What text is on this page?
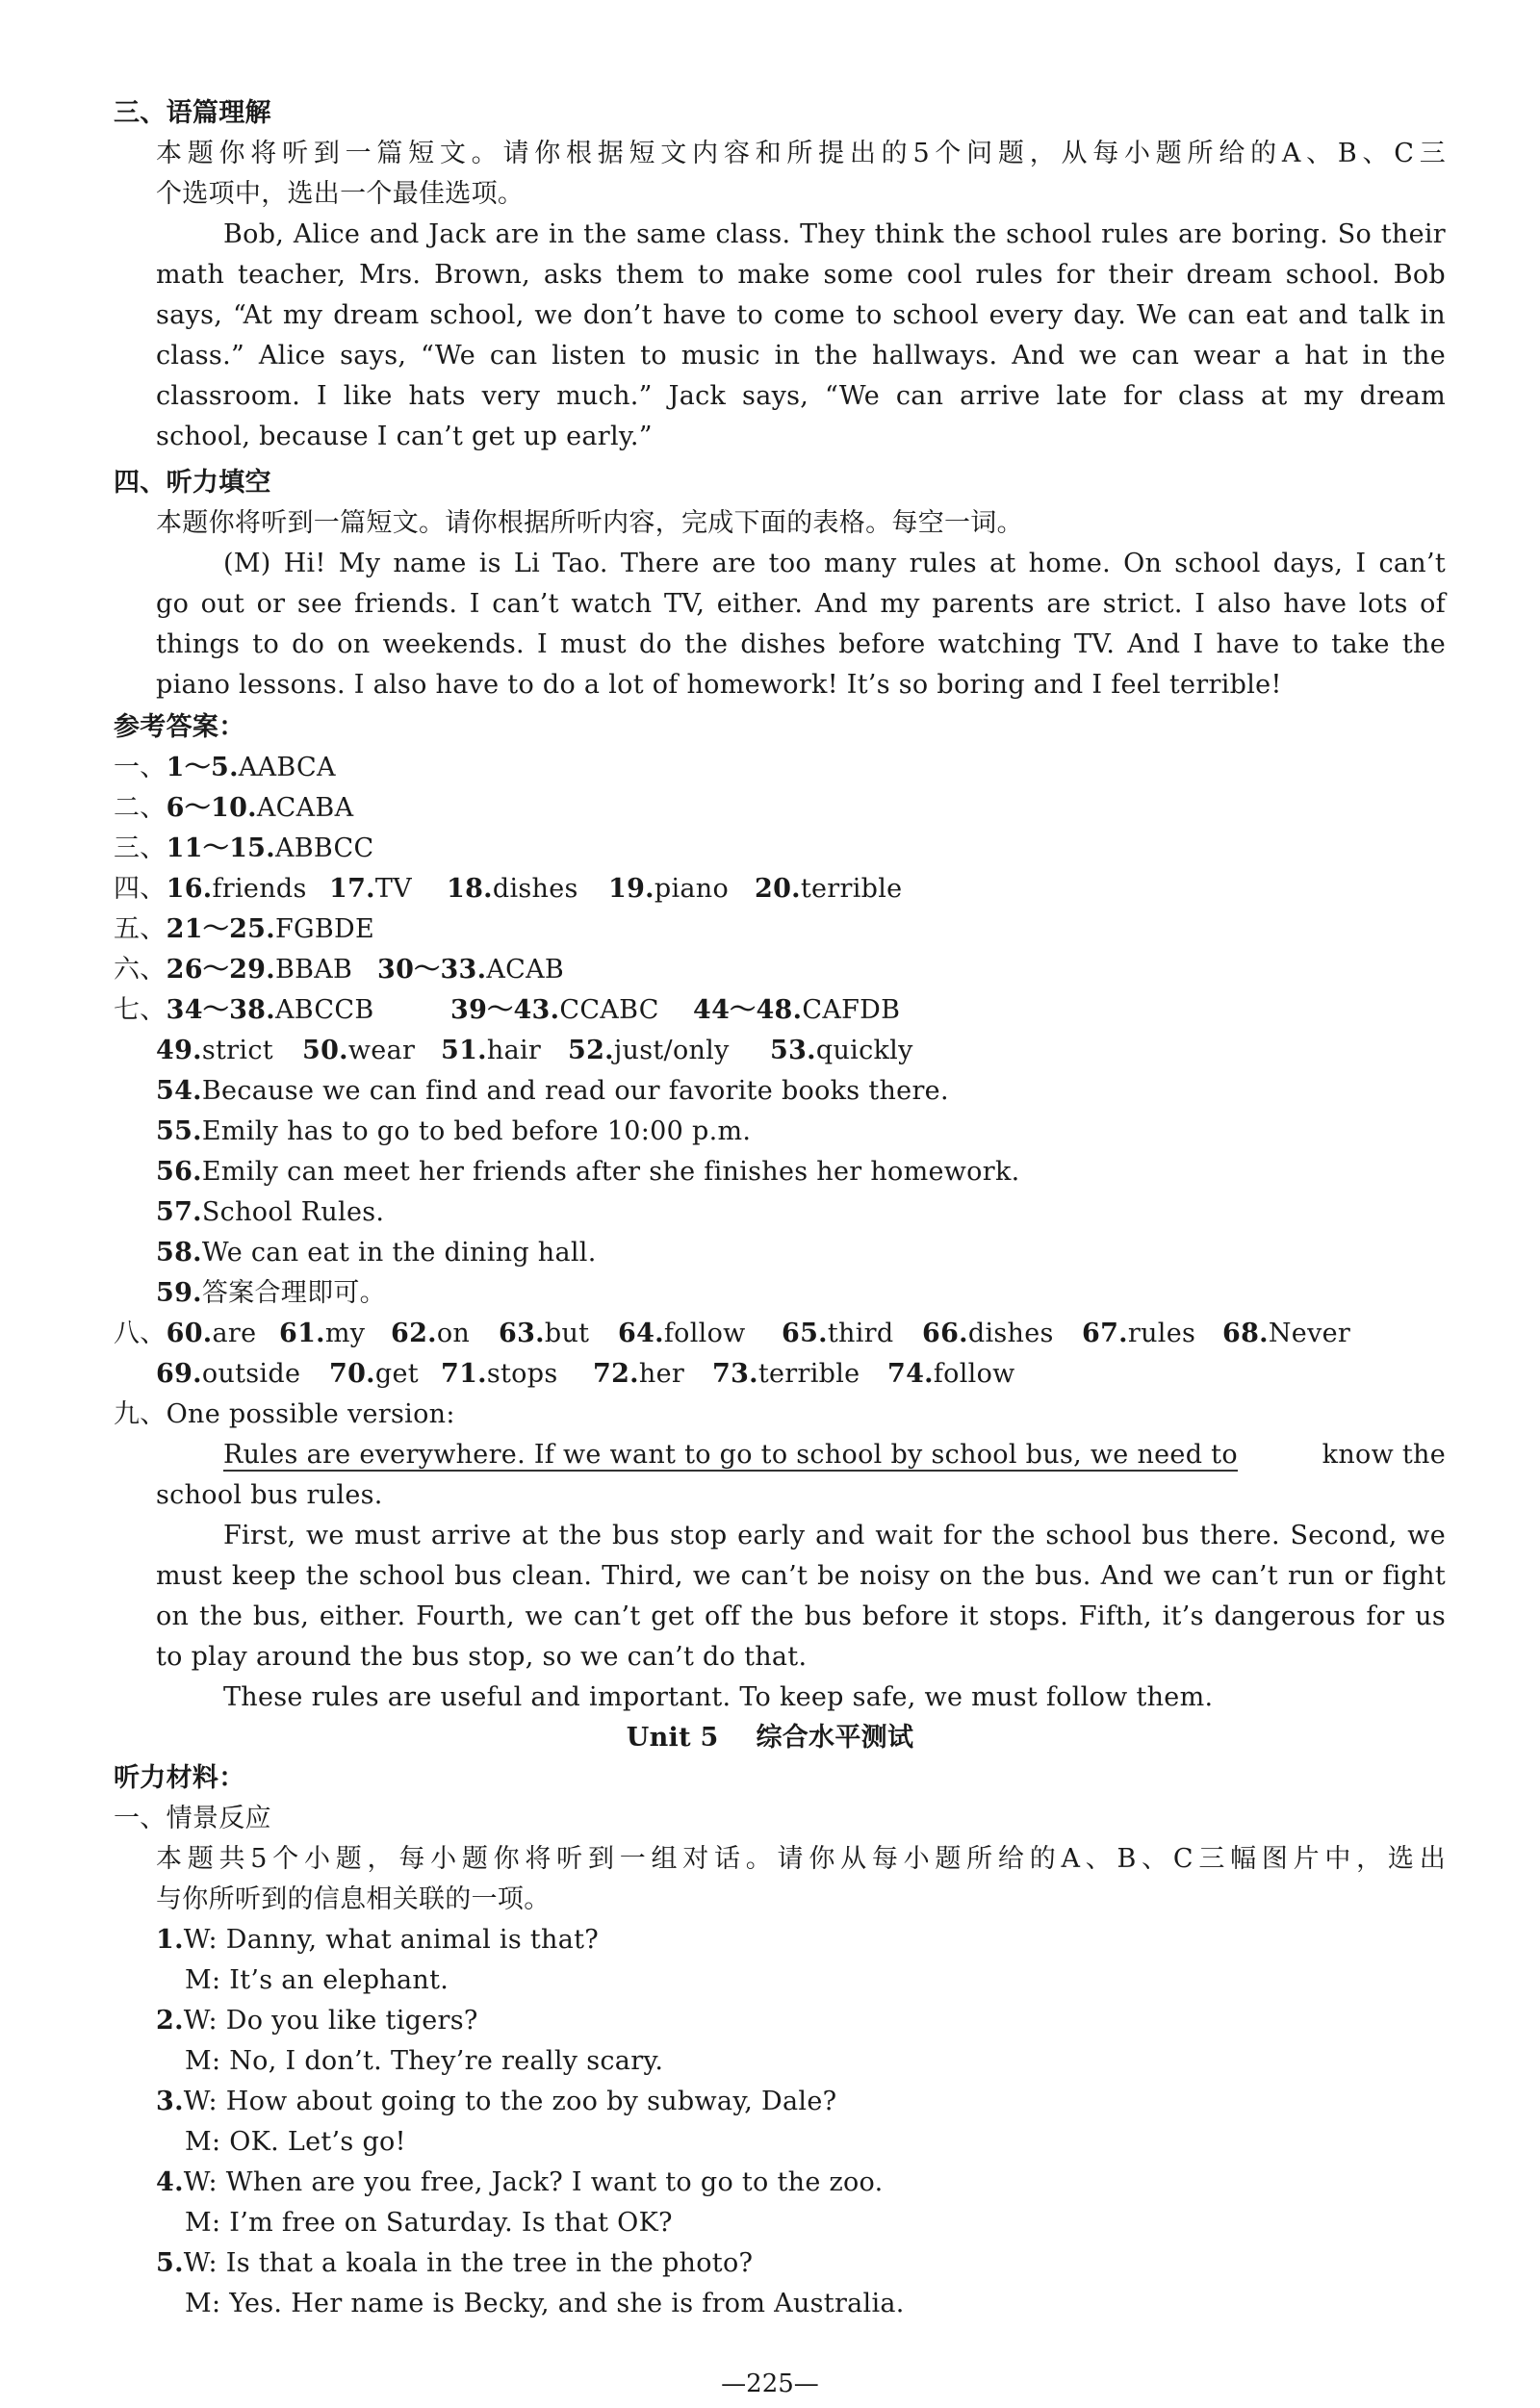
三、语篇理解
本题你将听到一篇短文。请你根据短文内容和所提出的5个问题，从每小题所给的A、B、C三
个选项中，选出一个最佳选项。
Bob, Alice and Jack are in the same class. They think the school rules are boring. So their
math teacher, Mrs. Brown, asks them to make some cool rules for their dream school. Bob
says, “At my dream school, we don’t have to come to school every day. We can eat and talk in
class.” Alice says, “We can listen to music in the hallways. And we can wear a hat in the
classroom. I like hats very much.” Jack says, “We can arrive late for class at my dream
school, because I can’t get up early.”
四、听力填空
本题你将听到一篇短文。请你根据所听内容，完成下面的表格。每空一词。
(M) Hi! My name is Li Tao. There are too many rules at home. On school days, I can’t
go out or see friends. I can’t watch TV, either. And my parents are strict. I also have lots of
things to do on weekends. I must do the dishes before watching TV. And I have to take the
piano lessons. I also have to do a lot of homework! It’s so boring and I feel terrible!
参考答案：
一、1～5.AABCA
二、6～10.ACABA
三、11～15.ABBCC
四、16.friends 17.TV 18.dishes 19.piano 20.terrible
五、21～25.FGBDE
六、26～29.BBAB 30～33.ACAB
七、34～38.ABCCB	39～43.CCABC 44～48.CAFDB
49.strict 50.wear 51.hair 52.just/only 53.quickly
54.Because we can find and read our favorite books there.
55.Emily has to go to bed before 10:00 p.m.
56.Emily can meet her friends after she finishes her homework.
57.School Rules.
58.We can eat in the dining hall.
59.答案合理即可。
八、60.are 61.my 62.on 63.but 64.follow 65.third 66.dishes 67.rules 68.Never
69.outside 70.get 71.stops 72.her 73.terrible 74.follow
九、One possible version:
Rules are everywhere. If we want to go to school by school bus, we need to	know the
school bus rules.
First, we must arrive at the bus stop early and wait for the school bus there. Second, we
must keep the school bus clean. Third, we can’t be noisy on the bus. And we can’t run or fight
on the bus, either. Fourth, we can’t get off the bus before it stops. Fifth, it’s dangerous for us
to play around the bus stop, so we can’t do that.
These rules are useful and important. To keep safe, we must follow them.
Unit 5    综合水平测试
听力材料：
一、情景反应
本题共5个小题，每小题你将听到一组对话。请你从每小题所给的A、B、C三幅图片中，选出
与你所听到的信息相关联的一项。
1.W: Danny, what animal is that?
M: It’s an elephant.
2.W: Do you like tigers?
M: No, I don’t. They’re really scary.
3.W: How about going to the zoo by subway, Dale?
M: OK. Let’s go!
4.W: When are you free, Jack? I want to go to the zoo.
M: I’m free on Saturday. Is that OK?
5.W: Is that a koala in the tree in the photo?
M: Yes. Her name is Becky, and she is from Australia.
—225—
